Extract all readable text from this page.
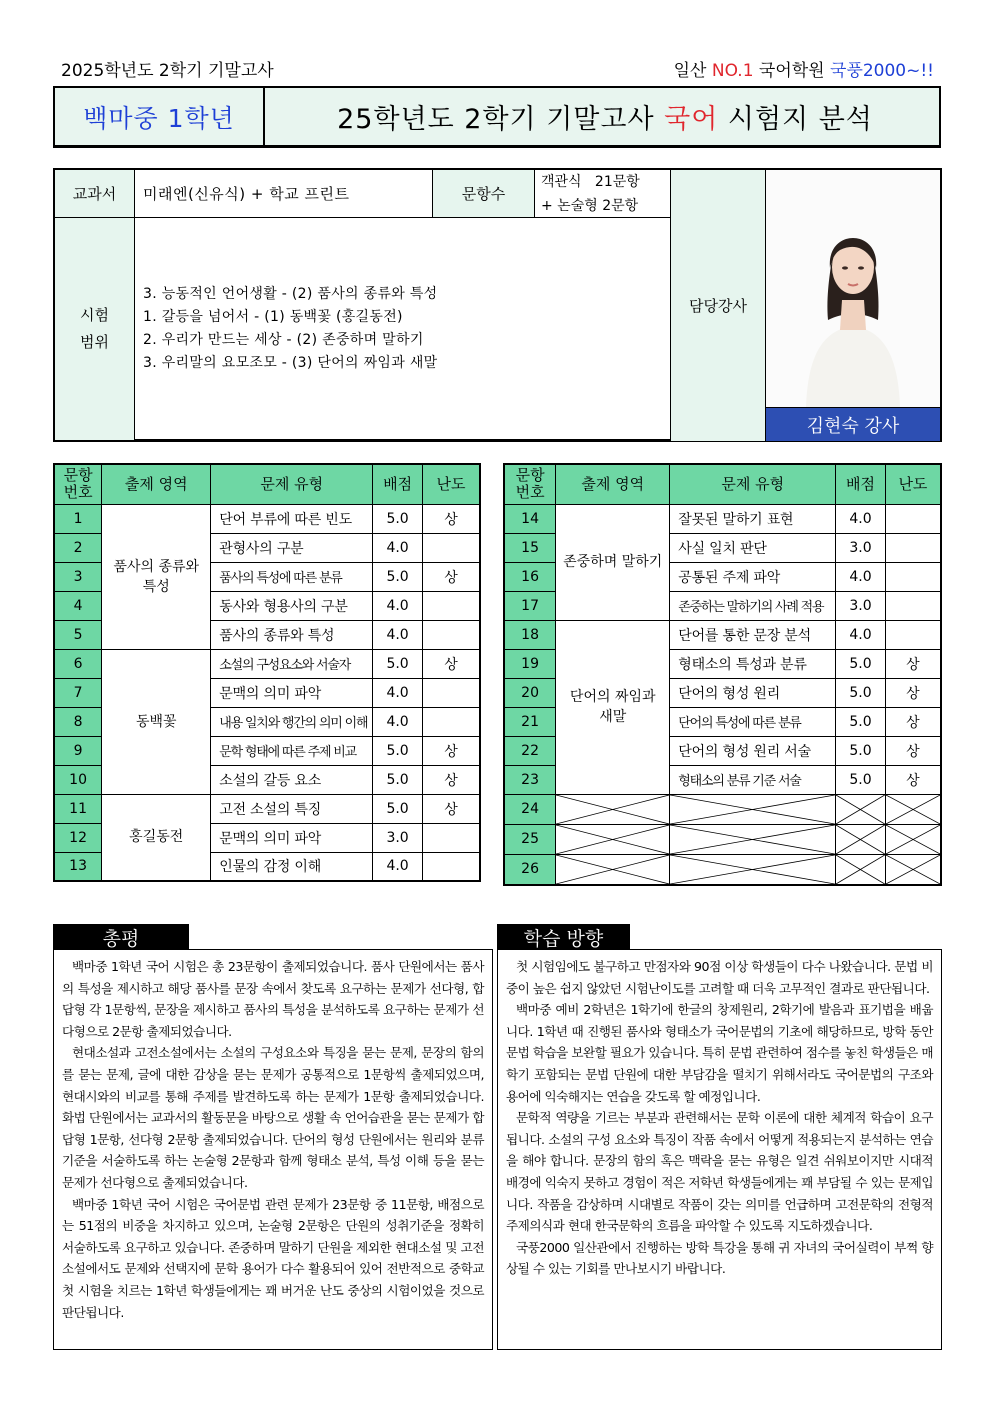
2025학년도 2학기 기말고사	일산 NO.1 국어학원 국풍2000~!!
백마중 1학년	25학년도 2학기 기말고사
국어
시험지 분석
교과서	미래엔(신유식) + 학교 프린트	문항수
객관식   21문항
+ 논술형 2문항
시험
범위
3. 능동적인 언어생활 - (2) 품사의 종류와 특성
1. 갈등을 넘어서 - (1) 동백꽃 (홍길동전)
2. 우리가 만드는 세상 - (2) 존중하며 말하기
3. 우리말의 요모조모 - (3) 단어의 짜임과 새말
담당강사
김현숙 강사
문항
번호	출제 영역	문제 유형	배점	난도
1	품사의 종류와 특성	단어 부류에 따른 빈도	5.0	상
2		관형사의 구분	4.0	
3		품사의 특성에 따른 분류	5.0	상
4		동사와 형용사의 구분	4.0	
5		품사의 종류와 특성	4.0	
6	동백꽃	소설의 구성요소와 서술자	5.0	상
7		문맥의 의미 파악	4.0	
8		내용 일치와 행간의 의미 이해	4.0	
9		문학 형태에 따른 주제 비교	5.0	상
10		소설의 갈등 요소	5.0	상
11	홍길동전	고전 소설의 특징	5.0	상
12		문맥의 의미 파악	3.0	
13		인물의 감정 이해	4.0	
문항
번호	출제 영역	문제 유형	배점	난도
14	존중하며 말하기	잘못된 말하기 표현	4.0	
15		사실 일치 판단	3.0	
16		공통된 주제 파악	4.0	
17		존중하는 말하기의 사례 적용	3.0	
18	단어의 짜임과 새말	단어를 통한 문장 분석	4.0	
19		형태소의 특성과 분류	5.0	상
20		단어의 형성 원리	5.0	상
21		단어의 특성에 따른 분류	5.0	상
22		단어의 형성 원리 서술	5.0	상
23		형태소의 분류 기준 서술	5.0	상
24	

25	

26	

총평

백마중 1학년 국어 시험은 총 23문항이 출제되었습니다. 품사 단원에서는 품사의 특성을 제시하고 해당 품사를 문장 속에서 찾도록 요구하는 문제가 선다형, 합답형 각 1문항씩, 문장을 제시하고 품사의 특성을 분석하도록 요구하는 문제가 선다형으로 2문항 출제되었습니다.

현대소설과 고전소설에서는 소설의 구성요소와 특징을 묻는 문제, 문장의 함의를 묻는 문제, 글에 대한 감상을 묻는 문제가 공통적으로 1문항씩 출제되었으며, 현대시와의 비교를 통해 주제를 발견하도록 하는 문제가 1문항 출제되었습니다.화법 단원에서는 교과서의 활동문을 바탕으로 생활 속 언어습관을 묻는 문제가 합답형 1문항, 선다형 2문항 출제되었습니다. 단어의 형성 단원에서는 원리와 분류 기준을 서술하도록 하는 논술형 2문항과 함께 형태소 분석, 특성 이해 등을 묻는 문제가 선다형으로 출제되었습니다.

백마중 1학년 국어 시험은 국어문법 관련 문제가 23문항 중 11문항, 배점으로는 51점의 비중을 차지하고 있으며, 논술형 2문항은 단원의 성취기준을 정확히 서술하도록 요구하고 있습니다. 존중하며 말하기 단원을 제외한 현대소설 및 고전소설에서도 문제와 선택지에 문학 용어가 다수 활용되어 있어 전반적으로 중학교 첫 시험을 치르는 1학년 학생들에게는 꽤 버거운 난도 중상의 시험이었을 것으로 판단됩니다.

학습 방향

첫 시험임에도 불구하고 만점자와 90점 이상 학생들이 다수 나왔습니다. 문법 비중이 높은 쉽지 않았던 시험난이도를 고려할 때 더욱 고무적인 결과로 판단됩니다.

백마중 예비 2학년은 1학기에 한글의 창제원리, 2학기에 발음과 표기법을 배웁니다. 1학년 때 진행된 품사와 형태소가 국어문법의 기초에 해당하므로, 방학 동안 문법 학습을 보완할 필요가 있습니다. 특히 문법 관련하여 점수를 놓친 학생들은 매학기 포함되는 문법 단원에 대한 부담감을 떨치기 위해서라도 국어문법의 구조와 용어에 익숙해지는 연습을 갖도록 할 예정입니다.

문학적 역량을 기르는 부분과 관련해서는 문학 이론에 대한 체계적 학습이 요구됩니다. 소설의 구성 요소와 특징이 작품 속에서 어떻게 적용되는지 분석하는 연습을 해야 합니다. 문장의 함의 혹은 맥락을 묻는 유형은 일견 쉬워보이지만 시대적 배경에 익숙지 못하고 경험이 적은 저학년 학생들에게는 꽤 부담될 수 있는 문제입니다. 작품을 감상하며 시대별로 작품이 갖는 의미를 언급하며 고전문학의 전형적 주제의식과 현대 한국문학의 흐름을 파악할 수 있도록 지도하겠습니다.

국풍2000 일산관에서 진행하는 방학 특강을 통해 귀 자녀의 국어실력이 부쩍 향상될 수 있는 기회를 만나보시기 바랍니다.
